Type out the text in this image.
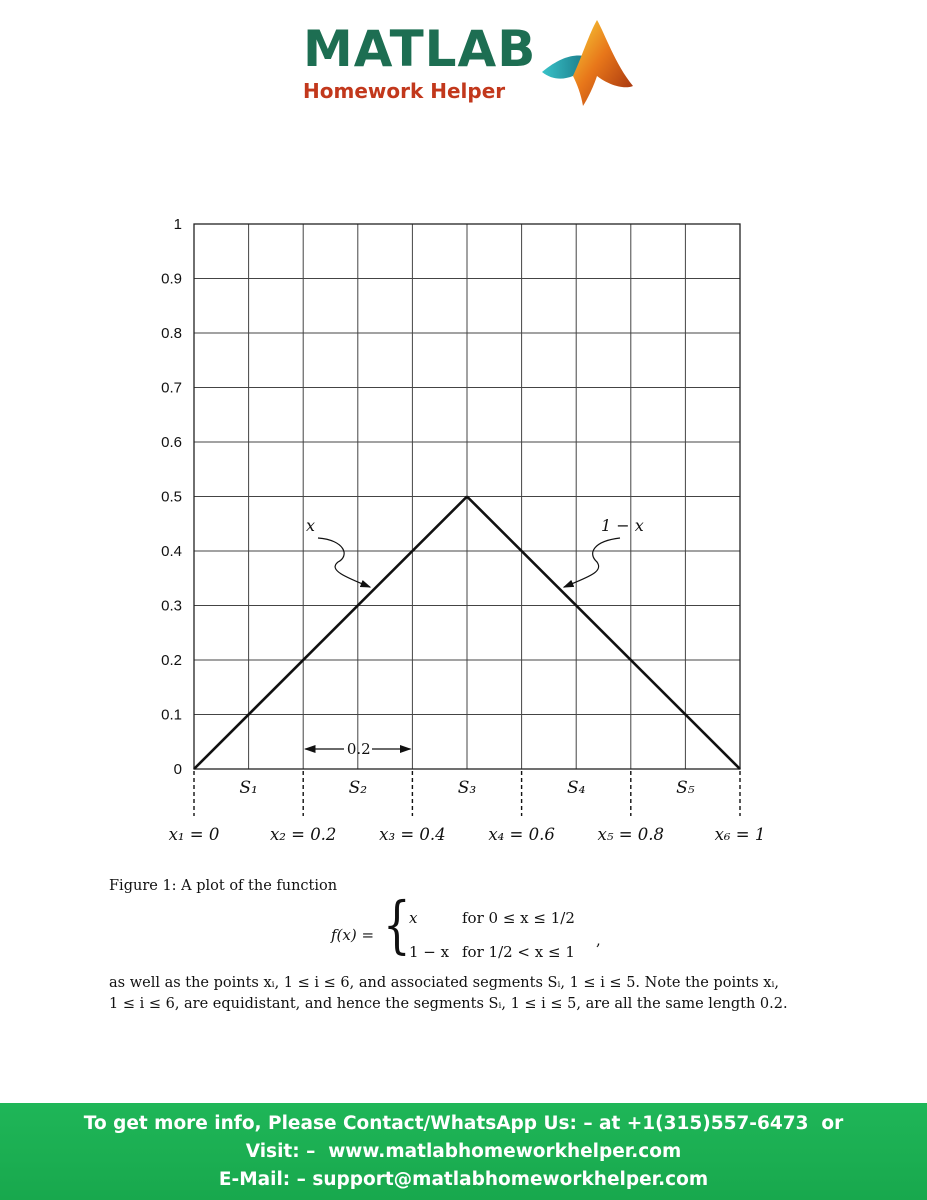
MATLAB
Homework Helper
0
0.1
0.2
0.3
0.4
0.5
0.6
0.7
0.8
0.9
1
x	1 − x
0.2
S₁	S₂	S₃	S₄	S₅
x₁ = 0	x₂ = 0.2	x₃ = 0.4	x₄ = 0.6	x₅ = 0.8	x₆ = 1
Figure 1: A plot of the function
f(x) = {
x	for 0 ≤ x ≤ 1/2
1 − x for 1/2 < x ≤ 1
,
as well as the points xᵢ, 1 ≤ i ≤ 6, and associated segments Sᵢ, 1 ≤ i ≤ 5. Note the points xᵢ,
1 ≤ i ≤ 6, are equidistant, and hence the segments Sᵢ, 1 ≤ i ≤ 5, are all the same length 0.2.
To get more info, Please Contact/WhatsApp Us: – at +1(315)557-6473  or
Visit: –  www.matlabhomeworkhelper.com
E-Mail: – support@matlabhomeworkhelper.com
